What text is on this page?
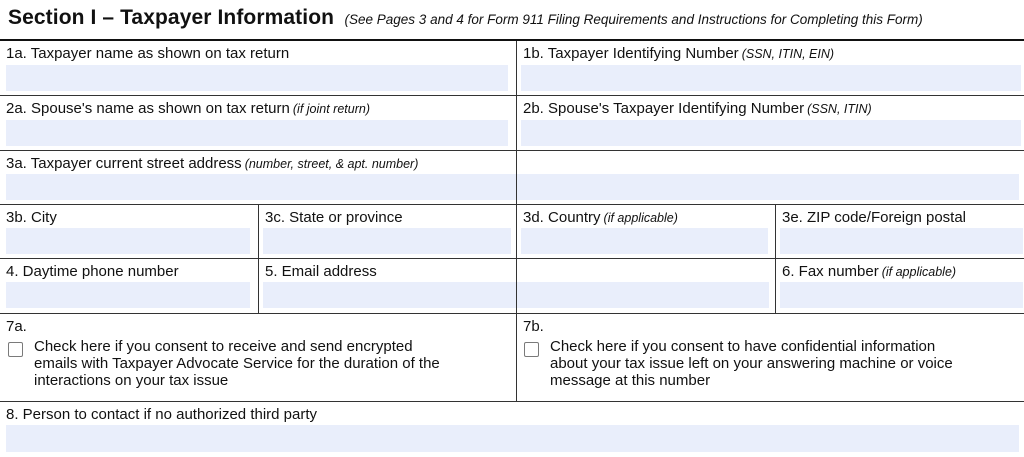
Section I – Taxpayer Information (See Pages 3 and 4 for Form 911 Filing Requirements and Instructions for Completing this Form)
1a. Taxpayer name as shown on tax return	1b. Taxpayer Identifying Number (SSN, ITIN, EIN)
2a. Spouse's name as shown on tax return (if joint return)	2b. Spouse's Taxpayer Identifying Number (SSN, ITIN)
3a. Taxpayer current street address (number, street, & apt. number)
3b. City	3c. State or province	3d. Country (if applicable)	3e. ZIP code/Foreign postal
4. Daytime phone number	5. Email address	6. Fax number (if applicable)
7a.
Check here if you consent to receive and send encrypted
emails with Taxpayer Advocate Service for the duration of the
interactions on your tax issue
7b.
Check here if you consent to have confidential information
about your tax issue left on your answering machine or voice
message at this number
8. Person to contact if no authorized third party
